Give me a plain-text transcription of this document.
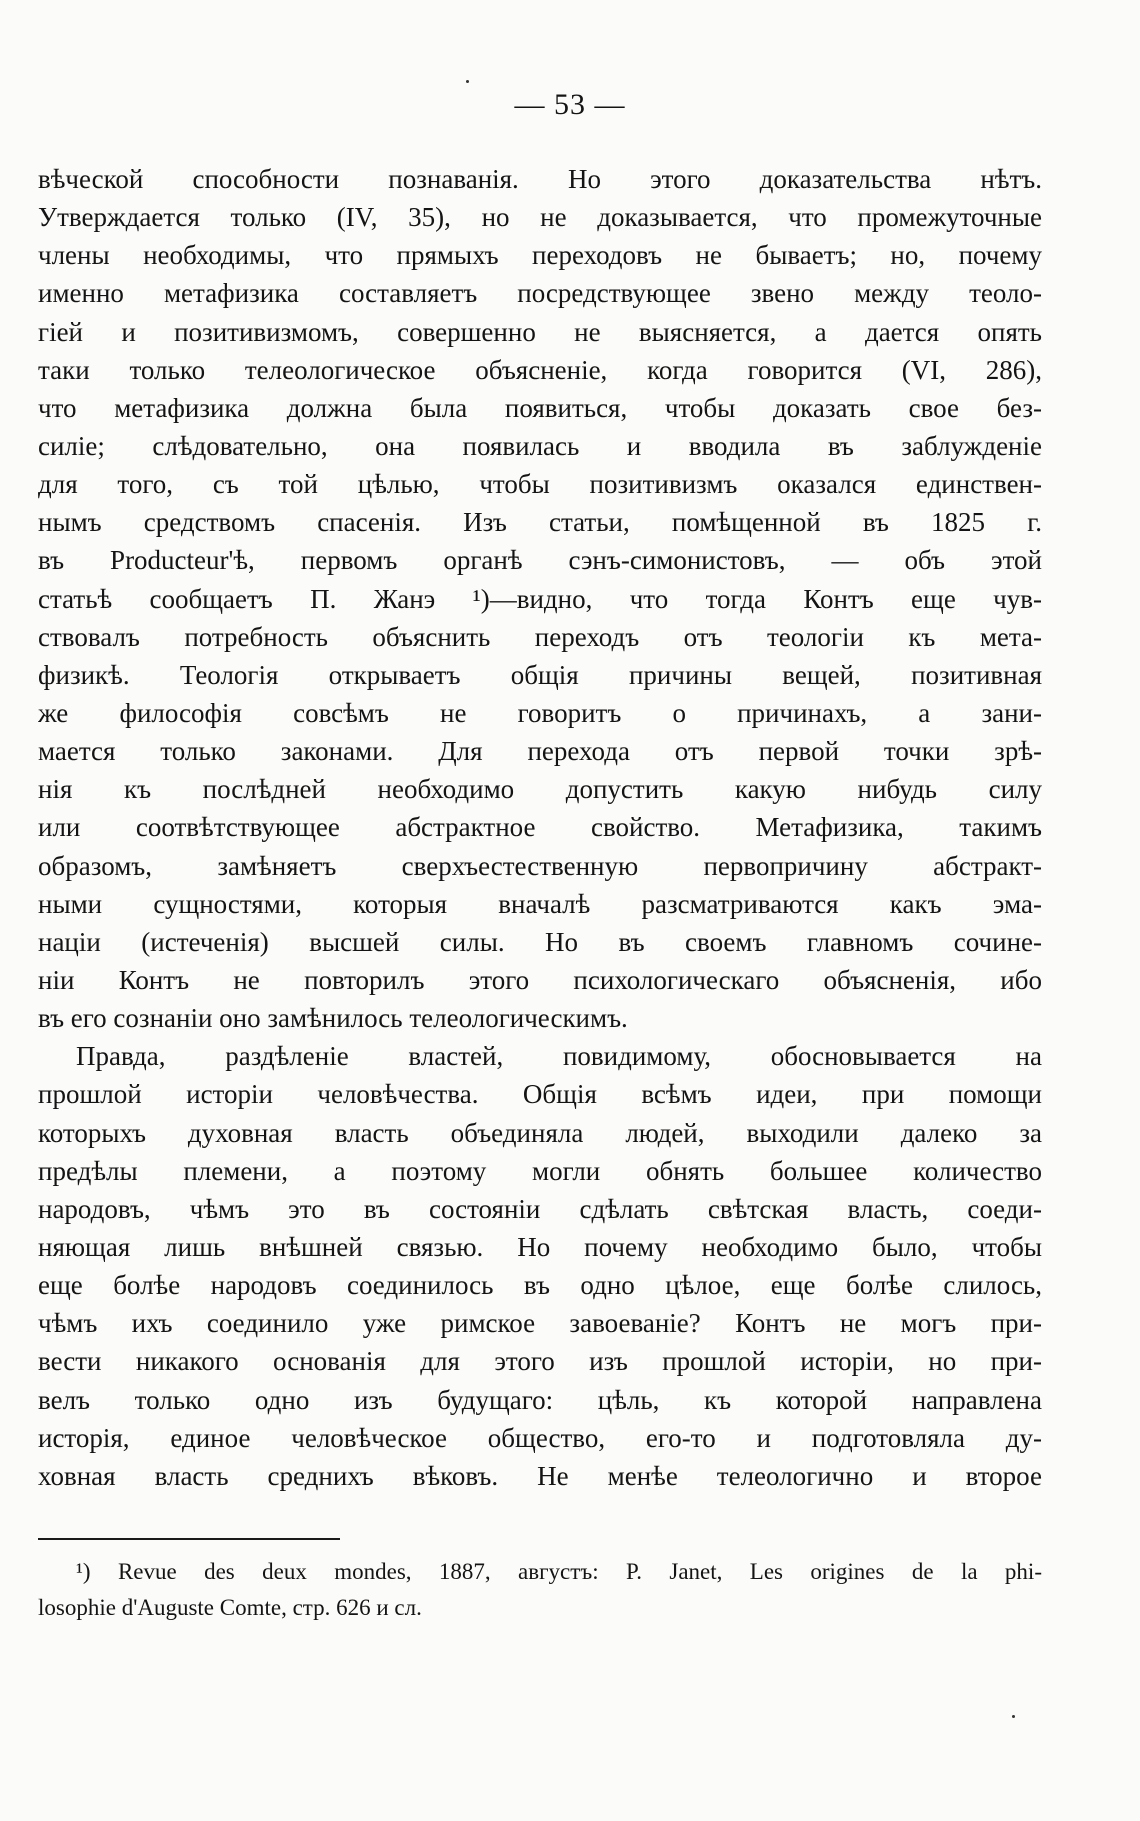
— 53 —
вѣческой способности познаванія. Но этого доказательства нѣтъ.
Утверждается только (IV, 35), но не доказывается, что промежуточные
члены необходимы, что прямыхъ переходовъ не бываетъ; но, почему
именно метафизика составляетъ посредствующее звено между теоло-
гіей и позитивизмомъ, совершенно не выясняется, а дается опять
таки только телеологическое объясненіе, когда говорится (VI, 286),
что метафизика должна была появиться, чтобы доказать свое без-
силіе; слѣдовательно, она появилась и вводила въ заблужденіе
для того, съ той цѣлью, чтобы позитивизмъ оказался единствен-
нымъ средствомъ спасенія. Изъ статьи, помѣщенной въ 1825 г.
въ Producteur'ѣ, первомъ органѣ сэнъ-симонистовъ, — объ этой
статьѣ сообщаетъ П. Жанэ ¹)—видно, что тогда Контъ еще чув-
ствовалъ потребность объяснить переходъ отъ теологіи къ мета-
физикѣ. Теологія открываетъ общія причины вещей, позитивная
же философія совсѣмъ не говоритъ о причинахъ, а зани-
мается только законами. Для перехода отъ первой точки зрѣ-
нія къ послѣдней необходимо допустить какую нибудь силу
или соотвѣтствующее абстрактное свойство. Метафизика, такимъ
образомъ, замѣняетъ сверхъестественную первопричину абстракт-
ными сущностями, которыя вначалѣ разсматриваются какъ эма-
націи (истеченія) высшей силы. Но въ своемъ главномъ сочине-
ніи Контъ не повторилъ этого психологическаго объясненія, ибо
въ его сознаніи оно замѣнилось телеологическимъ.
Правда, раздѣленіе властей, повидимому, обосновывается на
прошлой исторіи человѣчества. Общія всѣмъ идеи, при помощи
которыхъ духовная власть объединяла людей, выходили далеко за
предѣлы племени, а поэтому могли обнять большее количество
народовъ, чѣмъ это въ состояніи сдѣлать свѣтская власть, соеди-
няющая лишь внѣшней связью. Но почему необходимо было, чтобы
еще болѣе народовъ соединилось въ одно цѣлое, еще болѣе слилось,
чѣмъ ихъ соединило уже римское завоеваніе? Контъ не могъ при-
вести никакого основанія для этого изъ прошлой исторіи, но при-
велъ только одно изъ будущаго: цѣль, къ которой направлена
исторія, единое человѣческое общество, его-то и подготовляла ду-
ховная власть среднихъ вѣковъ. Не менѣе телеологично и второе
¹) Revue des deux mondes, 1887, августъ: P. Janet, Les origines de la phi-
losophie d'Auguste Comte, стр. 626 и сл.
